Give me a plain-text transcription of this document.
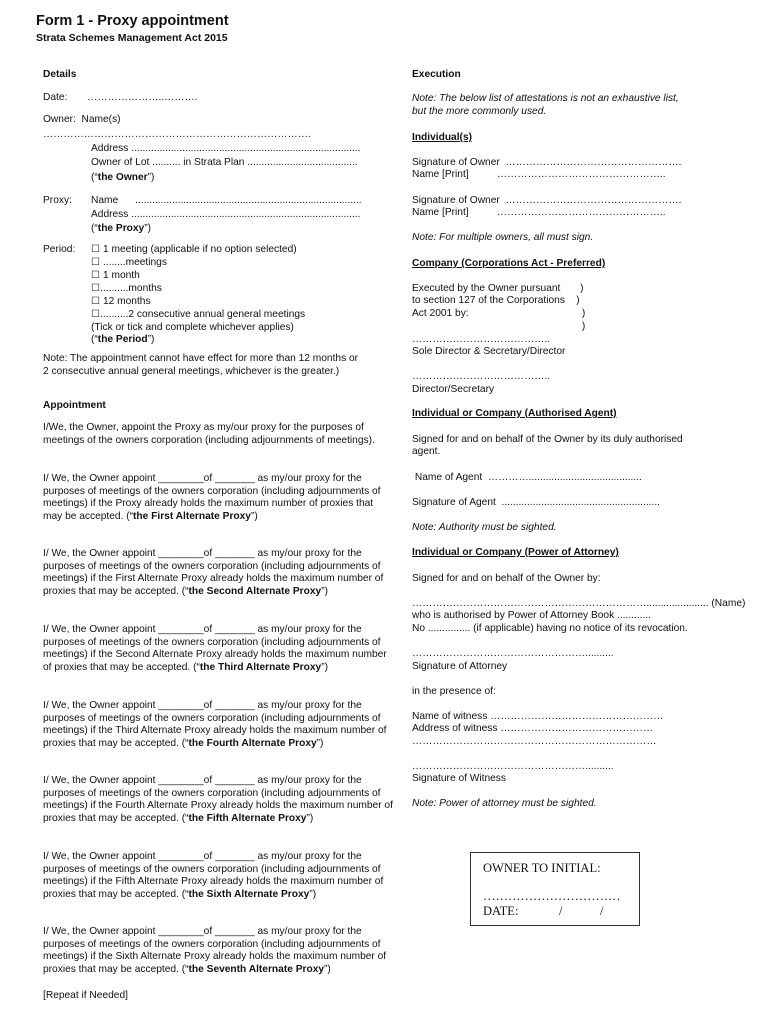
Form 1 - Proxy appointment
Strata Schemes Management Act 2015
Details
Date:       …………………..……….
Owner:  Name(s)
…………………………………………………………………….
Address .................................................................................
Owner of Lot .......... in Strata Plan .......................................
(“the Owner”)
Proxy: Name      ................................................................................
Address .................................................................................
(“the Proxy”)
Period: ☐ 1 meeting (applicable if no option selected)
☐ ........meetings
☐ 1 month
☐..........months
☐ 12 months
☐..........2 consecutive annual general meetings
(Tick or tick and complete whichever applies)
(“the Period”)
Note: The appointment cannot have effect for more than 12 months or
2 consecutive annual general meetings, whichever is the greater.)
Appointment
I/We, the Owner, appoint the Proxy as my/our proxy for the purposes of meetings of the owners corporation (including adjournments of meetings).
I/ We, the Owner appoint ________of _______ as my/our proxy for the purposes of meetings of the owners corporation (including adjournments of meetings) if the Proxy already holds the maximum number of proxies that may be accepted. (“the First Alternate Proxy”)
I/ We, the Owner appoint ________of _______ as my/our proxy for the purposes of meetings of the owners corporation (including adjournments of meetings) if the First Alternate Proxy already holds the maximum number of proxies that may be accepted. (“the Second Alternate Proxy”)
I/ We, the Owner appoint ________of _______ as my/our proxy for the purposes of meetings of the owners corporation (including adjournments of meetings) if the Second Alternate Proxy already holds the maximum number of proxies that may be accepted. (“the Third Alternate Proxy”)
I/ We, the Owner appoint ________of _______ as my/our proxy for the purposes of meetings of the owners corporation (including adjournments of meetings) if the Third Alternate Proxy already holds the maximum number of proxies that may be accepted. (“the Fourth Alternate Proxy”)
I/ We, the Owner appoint ________of _______ as my/our proxy for the purposes of meetings of the owners corporation (including adjournments of meetings) if the Fourth Alternate Proxy already holds the maximum number of proxies that may be accepted. (“the Fifth Alternate Proxy”)
I/ We, the Owner appoint ________of _______ as my/our proxy for the purposes of meetings of the owners corporation (including adjournments of meetings) if the Fifth Alternate Proxy already holds the maximum number of proxies that may be accepted. (“the Sixth Alternate Proxy”)
I/ We, the Owner appoint ________of _______ as my/our proxy for the purposes of meetings of the owners corporation (including adjournments of meetings) if the Sixth Alternate Proxy already holds the maximum number of proxies that may be accepted. (“the Seventh Alternate Proxy”)
[Repeat if Needed]
Execution
Note: The below list of attestations is not an exhaustive list,
but the more commonly used.
Individual(s)
Signature of Owner  …………………………………………….
Name [Print]          …………………………………………..
Signature of Owner  …………………………………………….
Name [Print]          …………………………………………..
Note: For multiple owners, all must sign.
Company (Corporations Act - Preferred)
Executed by the Owner pursuant       )
to section 127 of the Corporations    )
Act 2001 by:                                        )
)
…………………………………..
Sole Director & Secretary/Director
…………………………………..
Director/Secretary
Individual or Company (Authorised Agent)
Signed for and on behalf of the Owner by its duly authorised
agent.
Name of Agent  …………........................................
Signature of Agent  ........................................................
Note: Authority must be sighted.
Individual or Company (Power of Attorney)
Signed for and on behalf of the Owner by:
……………………………………………………………...................... (Name)
who is authorised by Power of Attorney Book ............
No ............... (if applicable) having no notice of its revocation.
……………………………………………..........
Signature of Attorney
in the presence of:
Name of witness ……………………………………………
Address of witness ………………………………………
………………………………………………………………
……………………………………………..........
Signature of Witness
Note: Power of attorney must be sighted.
OWNER TO INITIAL:
……………………………
DATE:             /            /
